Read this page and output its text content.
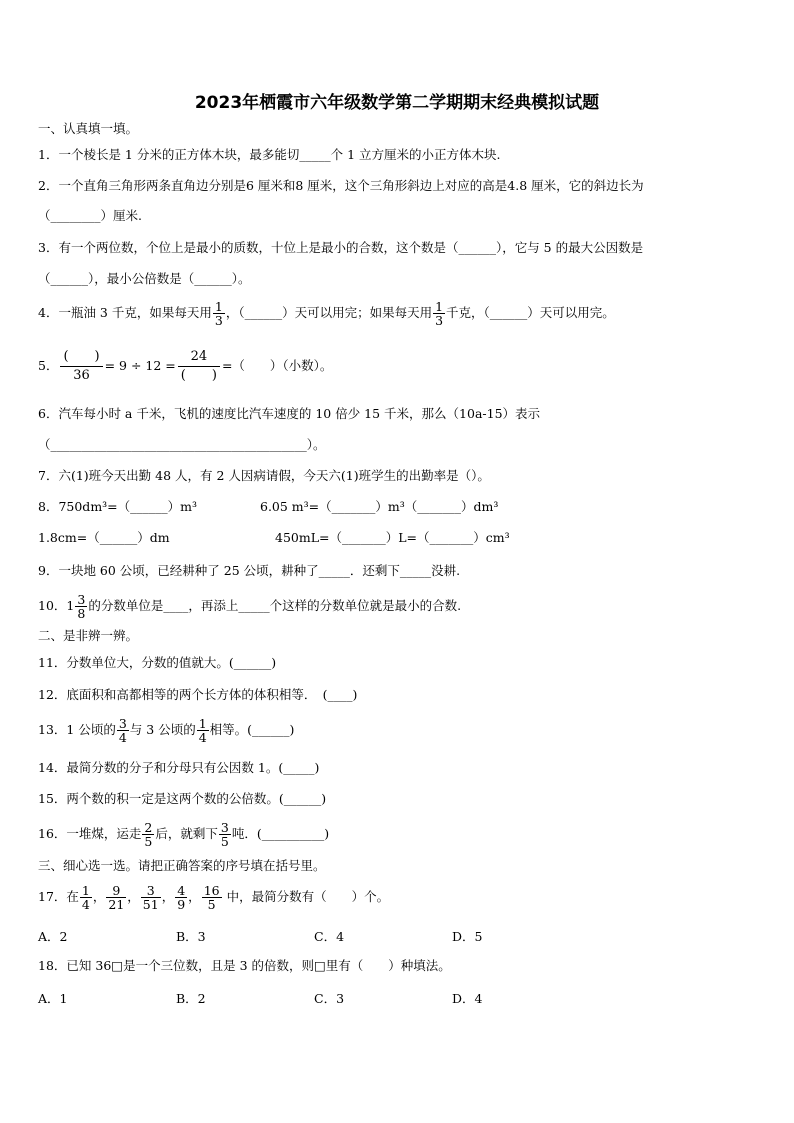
2023年栖霞市六年级数学第二学期期末经典模拟试题
一、认真填一填。
1．一个棱长是 1 分米的正方体木块，最多能切_____个 1 立方厘米的小正方体木块.
2．一个直角三角形两条直角边分别是6 厘米和8 厘米，这个三角形斜边上对应的高是4.8 厘米，它的斜边长为
（________）厘米.
3．有一个两位数，个位上是最小的质数，十位上是最小的合数，这个数是（______），它与 5 的最大公因数是
（______），最小公倍数是（______）。
4．一瓶油 3 千克，如果每天用 $\frac{1}{3}$ ，（______）天可以用完；如果每天用 $\frac{1}{3}$ 千克，（______）天可以用完。
5． $\frac{( )}{36} = 9 \div 12 = \frac{24}{( )}$ =（　　）（小数）。
6．汽车每小时 a 千米，飞机的速度比汽车速度的 10 倍少 15 千米，那么（10a-15）表示
（_________________________________________）。
7．六(1)班今天出勤 48 人，有 2 人因病请假，今天六(1)班学生的出勤率是（）。
8．750dm³=（______）m³	6.05 m³=（_______）m³（_______）dm³
1.8cm=（______）dm	450mL=（_______）L=（_______）cm³
9．一块地 60 公顷，已经耕种了 25 公顷，耕种了_____．还剩下_____没耕.
10．$1 \frac{3}{8}$ 的分数单位是____，再添上_____个这样的分数单位就是最小的合数.
二、是非辨一辨。
11．分数单位大，分数的值就大。(______)
12．底面积和高都相等的两个长方体的体积相等．　(____)
13．1 公顷的 $\frac{3}{4}$ 与 3 公顷的 $\frac{1}{4}$ 相等。(______)
14．最简分数的分子和分母只有公因数 1。(_____)
15．两个数的积一定是这两个数的公倍数。(______)
16．一堆煤，运走 $\frac{2}{5}$ 后，就剩下 $\frac{3}{5}$ 吨．(__________)
三、细心选一选。请把正确答案的序号填在括号里。
17．在 $\frac{1}{4}$ ， $\frac{9}{21}$ ， $\frac{3}{51}$ ， $\frac{4}{9}$ ， $\frac{16}{5}$ 中，最简分数有（　　）个。
A．2	B．3	C．4	D．5
18．已知 36□是一个三位数，且是 3 的倍数，则□里有（　　）种填法。
A．1	B．2	C．3	D．4
